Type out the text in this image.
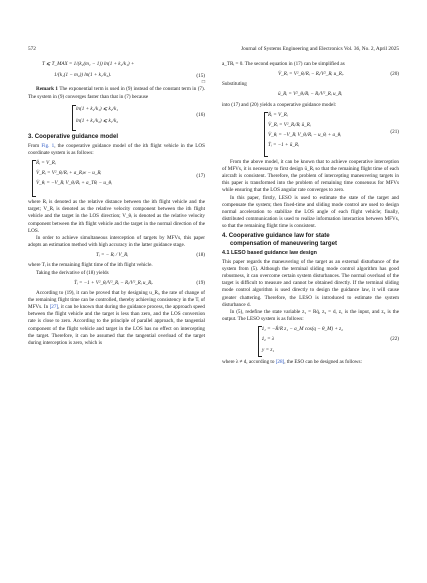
572	Journal of Systems Engineering and Electronics Vol. 36, No. 2, April 2025
T ⩽ T_MAX = 1/(k₂(m₁ − 1)) ln(1 + k₂/k₁) +
1/(k₁(1 − m₂)) ln(1 + k₁/k₂).	(15)
□

Remark 1 The exponential term is used in (9) instead of the constant term in (7). The system in (9) converges faster than that in (7) because

ln(1 + k₂/k₁) ⩽ k₂/k₁
ln(1 + k₁/k₂) ⩽ k₁/k₂
(16)
3. Cooperative guidance model

From Fig. 1, the cooperative guidance model of the ith flight vehicle in the LOS coordinate system is as follows:

Ṙᵢ = V_Rᵢ
V̇_Rᵢ = V²_θᵢ/Rᵢ + a_Rᵢw − u_Rᵢ
V̇_θᵢ = −V_Rᵢ V_θᵢ/Rᵢ + a_Tθᵢ − u_θᵢ
(17)

where Rᵢ is denoted as the relative distance between the ith flight vehicle and the target; V_Rᵢ is denoted as the relative velocity component between the ith flight vehicle and the target in the LOS direction; V_θᵢ is denoted as the relative velocity component between the ith flight vehicle and the target in the normal direction of the LOS.

In order to achieve simultaneous interception of targets by MFVs, this paper adopts an estimation method with high accuracy in the latter guidance stage.

Tᵢ = − Rᵢ / V_Rᵢ	(18)

where Tᵢ is the remaining flight time of the ith flight vehicle.

Taking the derivative of (18) yields

Ṫᵢ = −1 + V²_θᵢ/V²_Rᵢ − Rᵢ/V²_Rᵢ u_Rᵢ.	(19)

According to (19), it can be proved that by designing u_Rᵢ, the rate of change of the remaining flight time can be controlled, thereby achieving consistency in the Tᵢ of MFVs. In [27], it can be known that during the guidance process, the approach speed between the flight vehicle and the target is less than zero, and the LOS conversion rate is close to zero. According to the principle of parallel approach, the tangential component of the flight vehicle and target in the LOS has no effect on intercepting the target. Therefore, it can be assumed that the tangential overload of the target during interception is zero, which is

a_TRᵢ = 0. The second equation in (17) can be simplified as

V̇_Rᵢ = V²_θᵢ/Rᵢ − Rᵢ/V²_Rᵢ u_Rᵢ.	(20)

Substituting

ū_Rᵢ = V²_θᵢ/Rᵢ − Rᵢ/V²_Rᵢ u_Rᵢ

into (17) and (20) yields a cooperative guidance model:

Ṙᵢ = V_Rᵢ
V̇_Rᵢ = V²_Rᵢ/Rᵢ ū_Rᵢ
V̇_θᵢ = −V_Rᵢ V_θᵢ/Rᵢ − u_θᵢ + a_θᵢ
Ṫᵢ = −1 + ū_Rᵢ
(21)

From the above model, it can be known that to achieve cooperative interception of MFVs, it is necessary to first design ū_Rᵢ so that the remaining flight time of each aircraft is consistent. Therefore, the problem of intercepting maneuvering targets in this paper is transformed into the problem of remaining time consensus for MFVs while ensuring that the LOS angular rate converges to zero.

In this paper, firstly, LESO is used to estimate the state of the target and compensate the system; then fixed-time and sliding mode control are used to design normal acceleration to stabilize the LOS angle of each flight vehicle; finally, distributed communication is used to realize information interaction between MFVs, so that the remaining flight time is consistent.

4. Cooperative guidance law for state
compensation of maneuvering target
4.1 LESO based guidance law design

This paper regards the maneuvering of the target as an external disturbance of the system from (5). Although the terminal sliding mode control algorithm has good robustness, it can overcome certain system disturbances. The normal overload of the target is difficult to measure and cannot be obtained directly. If the terminal sliding mode control algorithm is used directly to design the guidance law, it will cause greater chattering. Therefore, the LESO is introduced to estimate the system disturbance d.

In (5), redefine the state variable z₁ = Rq̇, z₂ = d, z₁ is the input, and z₂ is the output. The LESO system is as follows:

ż₁ = −Ṙ/R z₁ − a_M cos(q − θ_M) + z₂
ż₂ = λ
y = z₁
(22)

where λ ≠ d, according to [28], the ESO can be designed as follows:
